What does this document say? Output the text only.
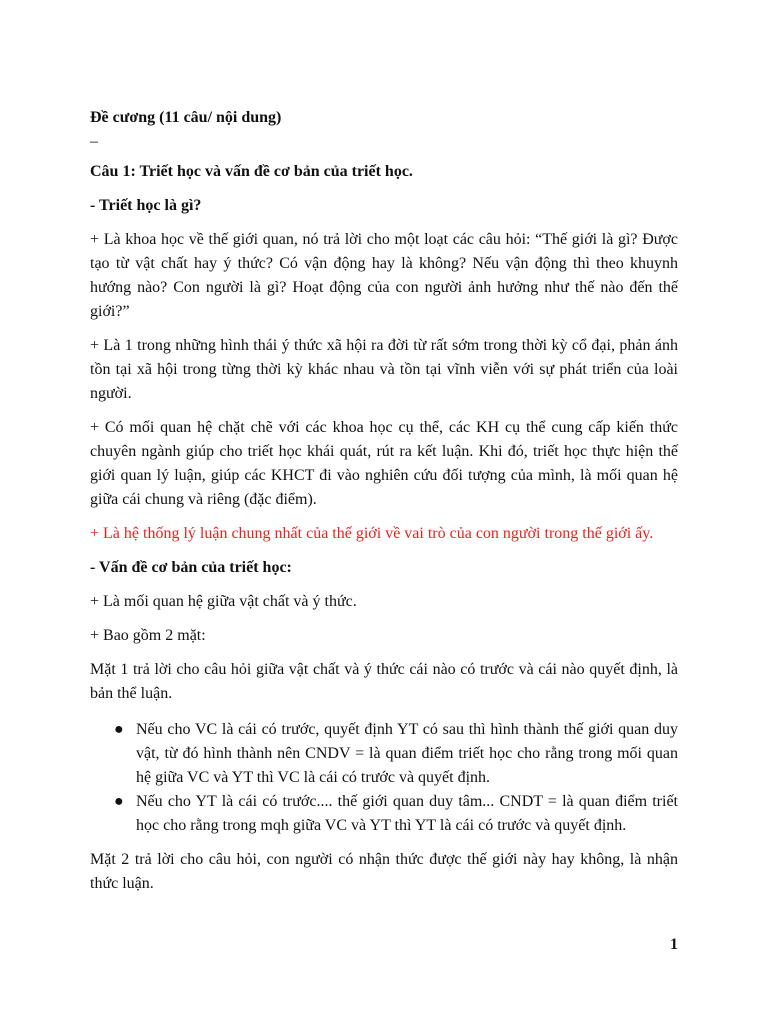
Đề cương (11 câu/ nội dung)

–

Câu 1: Triết học và vấn đề cơ bản của triết học.

- Triết học là gì?

+ Là khoa học về thế giới quan, nó trả lời cho một loạt các câu hỏi: “Thế giới là gì? Được tạo từ vật chất hay ý thức? Có vận động hay là không? Nếu vận động thì theo khuynh hướng nào? Con người là gì? Hoạt động của con người ảnh hưởng như thế nào đến thế giới?”

+ Là 1 trong những hình thái ý thức xã hội ra đời từ rất sớm trong thời kỳ cổ đại, phản ánh tồn tại xã hội trong từng thời kỳ khác nhau và tồn tại vĩnh viễn với sự phát triển của loài người.

+ Có mối quan hệ chặt chẽ với các khoa học cụ thể, các KH cụ thể cung cấp kiến thức chuyên ngành giúp cho triết học khái quát, rút ra kết luận. Khi đó, triết học thực hiện thế giới quan lý luận, giúp các KHCT đi vào nghiên cứu đối tượng của mình, là mối quan hệ giữa cái chung và riêng (đặc điểm).

+ Là hệ thống lý luận chung nhất của thế giới về vai trò của con người trong thế giới ấy.

- Vấn đề cơ bản của triết học:

+ Là mối quan hệ giữa vật chất và ý thức.

+ Bao gồm 2 mặt:

Mặt 1 trả lời cho câu hỏi giữa vật chất và ý thức cái nào có trước và cái nào quyết định, là bản thể luận.

● Nếu cho VC là cái có trước, quyết định YT có sau thì hình thành thế giới quan duy vật, từ đó hình thành nên CNDV = là quan điểm triết học cho rằng trong mối quan hệ giữa VC và YT thì VC là cái có trước và quyết định.
● Nếu cho YT là cái có trước.... thế giới quan duy tâm... CNDT = là quan điểm triết học cho rằng trong mqh giữa VC và YT thì YT là cái có trước và quyết định.

Mặt 2 trả lời cho câu hỏi, con người có nhận thức được thế giới này hay không, là nhận thức luận.

1
